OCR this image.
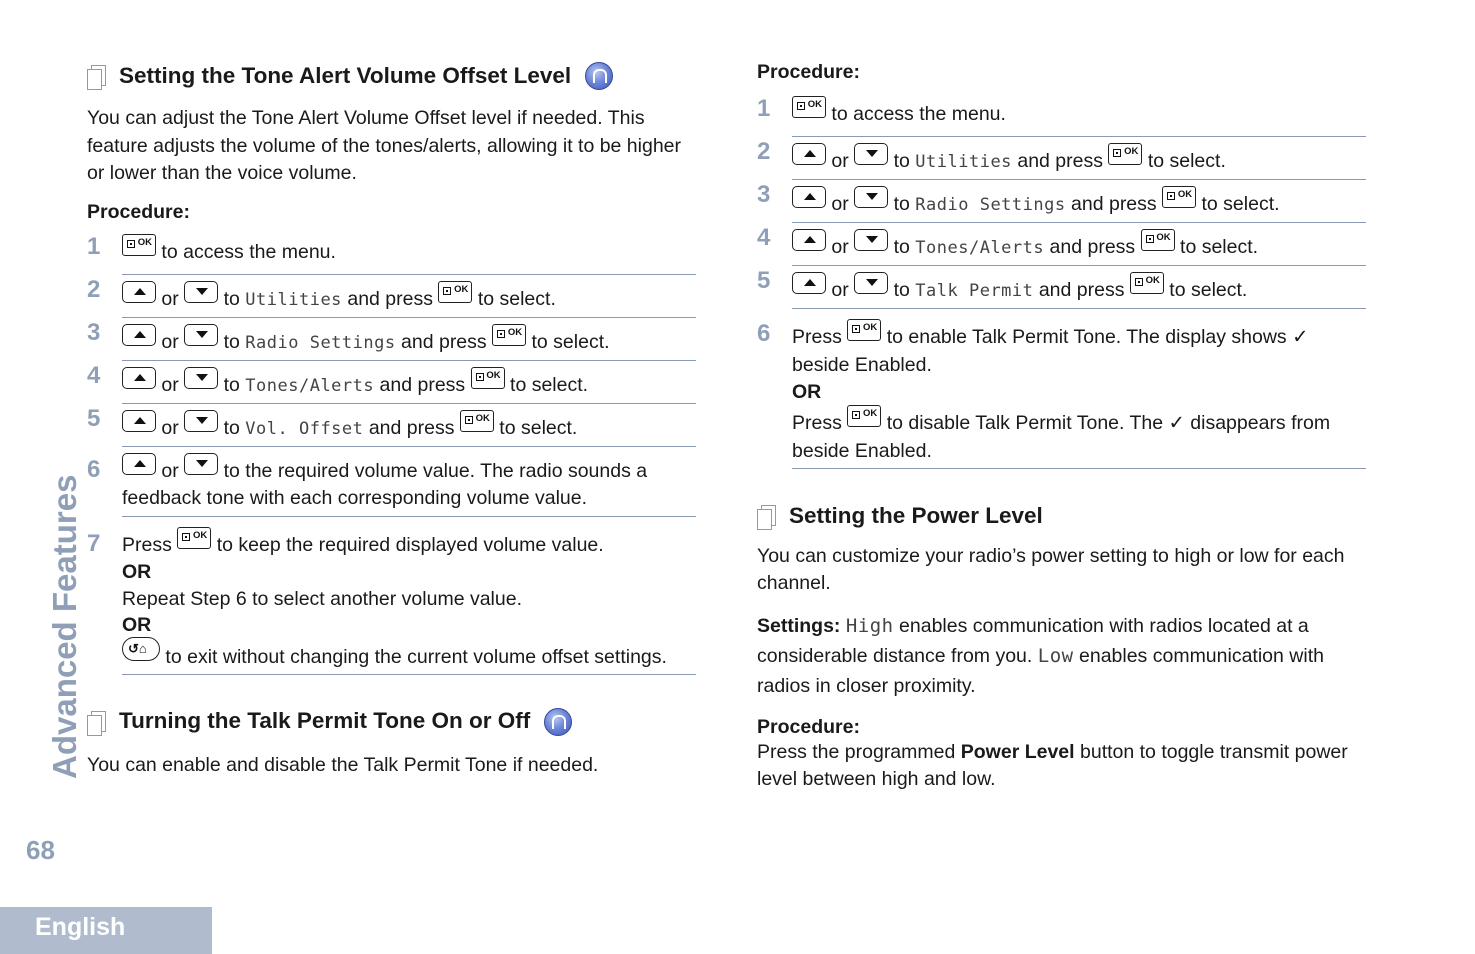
Advanced Features
68
English
Setting the Tone Alert Volume Offset Level

You can adjust the Tone Alert Volume Offset level if needed. This feature adjusts the volume of the tones/alerts, allowing it to be higher or lower than the voice volume.

Procedure:
1 OK	to access the menu.
2	or to Utilities and press OK to select.
3	or to Radio Settings and press OK to select.
4	or to Tones/Alerts and press OK to select.
5	or to Vol. Offset and press OK to select.
6	or to the required volume value. The radio sounds a feedback tone with each corresponding volume value.
7 Press OK to keep the required displayed volume value.
OR
Repeat Step 6 to select another volume value.
OR
↺⌂ to exit without changing the current volume offset settings.
Turning the Talk Permit Tone On or Off

You can enable and disable the Talk Permit Tone if needed.

Procedure:
1 OK	to access the menu.
2	or to Utilities and press OK to select.
3	or to Radio Settings and press OK to select.
4	or to Tones/Alerts and press OK to select.
5	or to Talk Permit and press OK to select.
6 Press OK to enable Talk Permit Tone. The display shows ✓ beside Enabled.
OR
Press OK to disable Talk Permit Tone. The ✓ disappears from beside Enabled.
Setting the Power Level

You can customize your radio’s power setting to high or low for each channel.

Settings: High enables communication with radios located at a considerable distance from you. Low enables communication with radios in closer proximity.

Procedure:

Press the programmed Power Level button to toggle transmit power level between high and low.
